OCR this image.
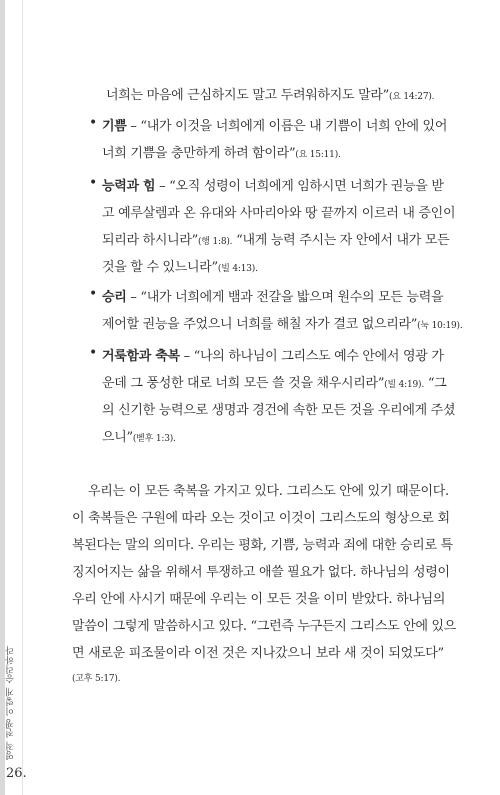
너희는 마음에 근심하지도 말고 두려워하지도 말라”(요 14:27).
• 기쁨 – “내가 이것을 너희에게 이름은 내 기쁨이 너희 안에 있어
너희 기쁨을 충만하게 하려 함이라”(요 15:11).
• 능력과 힘 – “오직 성령이 너희에게 임하시면 너희가 권능을 받
고 예루살렘과 온 유대와 사마리아와 땅 끝까지 이르러 내 증인이
되리라 하시니라”(행 1:8). “내게 능력 주시는 자 안에서 내가 모든
것을 할 수 있느니라”(빌 4:13).
• 승리 – “내가 너희에게 뱀과 전갈을 밟으며 원수의 모든 능력을
제어할 권능을 주었으니 너희를 해칠 자가 결코 없으리라”(눅 10:19).
• 거룩함과 축복 – “나의 하나님이 그리스도 예수 안에서 영광 가
운데 그 풍성한 대로 너희 모든 쓸 것을 채우시리라”(빌 4:19). “그
의 신기한 능력으로 생명과 경건에 속한 모든 것을 우리에게 주셨
으니”(벧후 1:3).
우리는 이 모든 축복을 가지고 있다. 그리스도 안에 있기 때문이다.
이 축복들은 구원에 따라 오는 것이고 이것이 그리스도의 형상으로 회
복된다는 말의 의미다. 우리는 평화, 기쁨, 능력과 죄에 대한 승리로 특
징지어지는 삶을 위해서 투쟁하고 애쓸 필요가 없다. 하나님의 성령이
우리 안에 사시기 때문에 우리는 이 모든 것을 이미 받았다. 하나님의
말씀이 그렇게 말씀하시고 있다. “그런즉 누구든지 그리스도 안에 있으
면 새로운 피조물이라 이전 것은 지나갔으니 보라 새 것이 되었도다”
(고후 5:17).
영적 전쟁 이렇게 승리하라
26.
